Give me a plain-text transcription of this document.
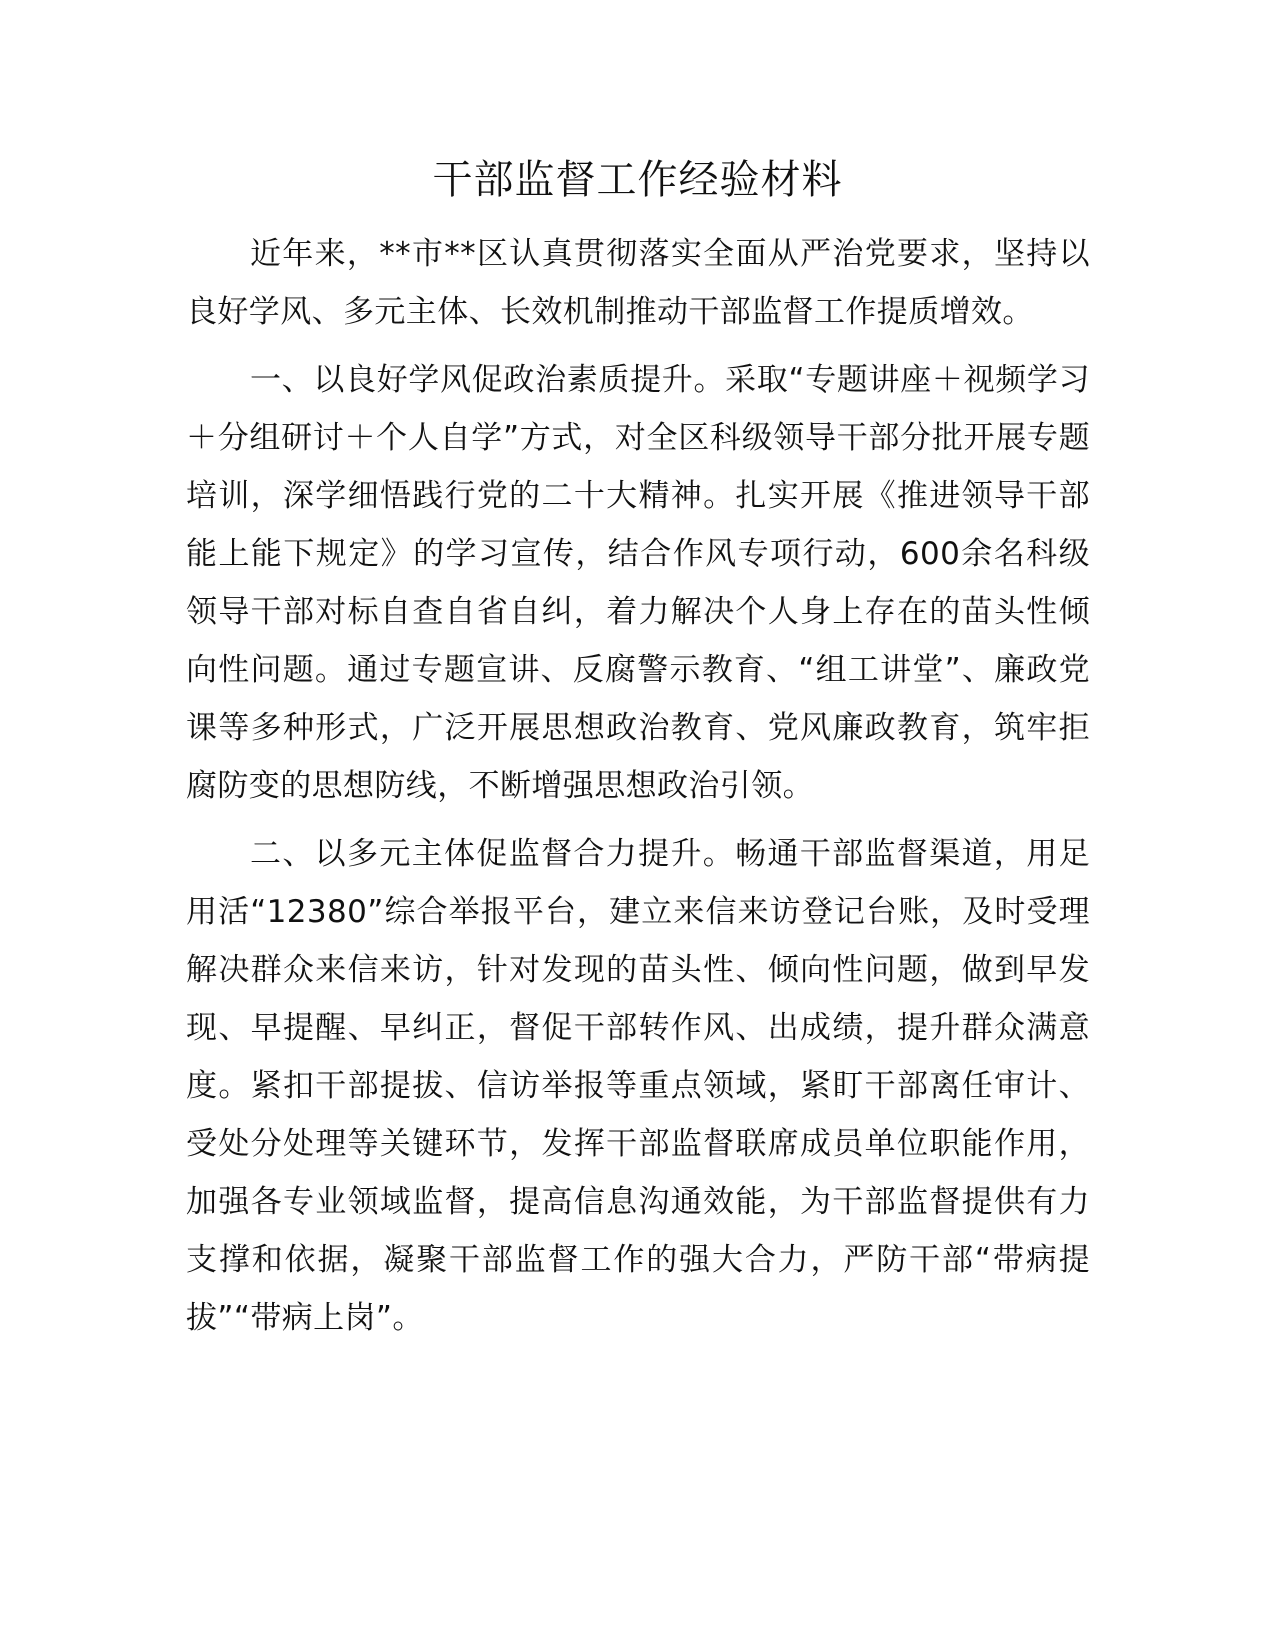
干部监督工作经验材料

近年来，**市**区认真贯彻落实全面从严治党要求，坚持以良好学风、多元主体、长效机制推动干部监督工作提质增效。

一、以良好学风促政治素质提升。采取“专题讲座＋视频学习＋分组研讨＋个人自学”方式，对全区科级领导干部分批开展专题培训，深学细悟践行党的二十大精神。扎实开展《推进领导干部能上能下规定》的学习宣传，结合作风专项行动，600余名科级领导干部对标自查自省自纠，着力解决个人身上存在的苗头性倾向性问题。通过专题宣讲、反腐警示教育、“组工讲堂”、廉政党课等多种形式，广泛开展思想政治教育、党风廉政教育，筑牢拒腐防变的思想防线，不断增强思想政治引领。

二、以多元主体促监督合力提升。畅通干部监督渠道，用足用活“12380”综合举报平台，建立来信来访登记台账，及时受理解决群众来信来访，针对发现的苗头性、倾向性问题，做到早发现、早提醒、早纠正，督促干部转作风、出成绩，提升群众满意度。紧扣干部提拔、信访举报等重点领域，紧盯干部离任审计、受处分处理等关键环节，发挥干部监督联席成员单位职能作用，加强各专业领域监督，提高信息沟通效能，为干部监督提供有力支撑和依据，凝聚干部监督工作的强大合力，严防干部“带病提拔”“带病上岗”。
